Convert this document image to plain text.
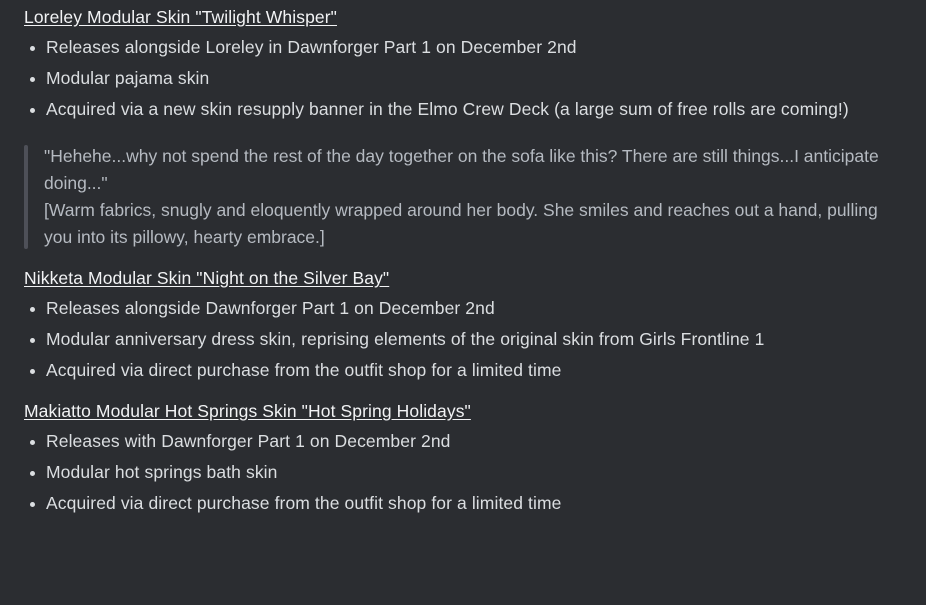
Loreley Modular Skin "Twilight Whisper"
Releases alongside Loreley in Dawnforger Part 1 on December 2nd
Modular pajama skin
Acquired via a new skin resupply banner in the Elmo Crew Deck (a large sum of free rolls are coming!)

"Hehehe...why not spend the rest of the day together on the sofa like this? There are still things...I anticipate doing..."

[Warm fabrics, snugly and eloquently wrapped around her body. She smiles and reaches out a hand, pulling you into its pillowy, hearty embrace.]

Nikketa Modular Skin "Night on the Silver Bay"
Releases alongside Dawnforger Part 1 on December 2nd
Modular anniversary dress skin, reprising elements of the original skin from Girls Frontline 1
Acquired via direct purchase from the outfit shop for a limited time
Makiatto Modular Hot Springs Skin "Hot Spring Holidays"
Releases with Dawnforger Part 1 on December 2nd
Modular hot springs bath skin
Acquired via direct purchase from the outfit shop for a limited time
